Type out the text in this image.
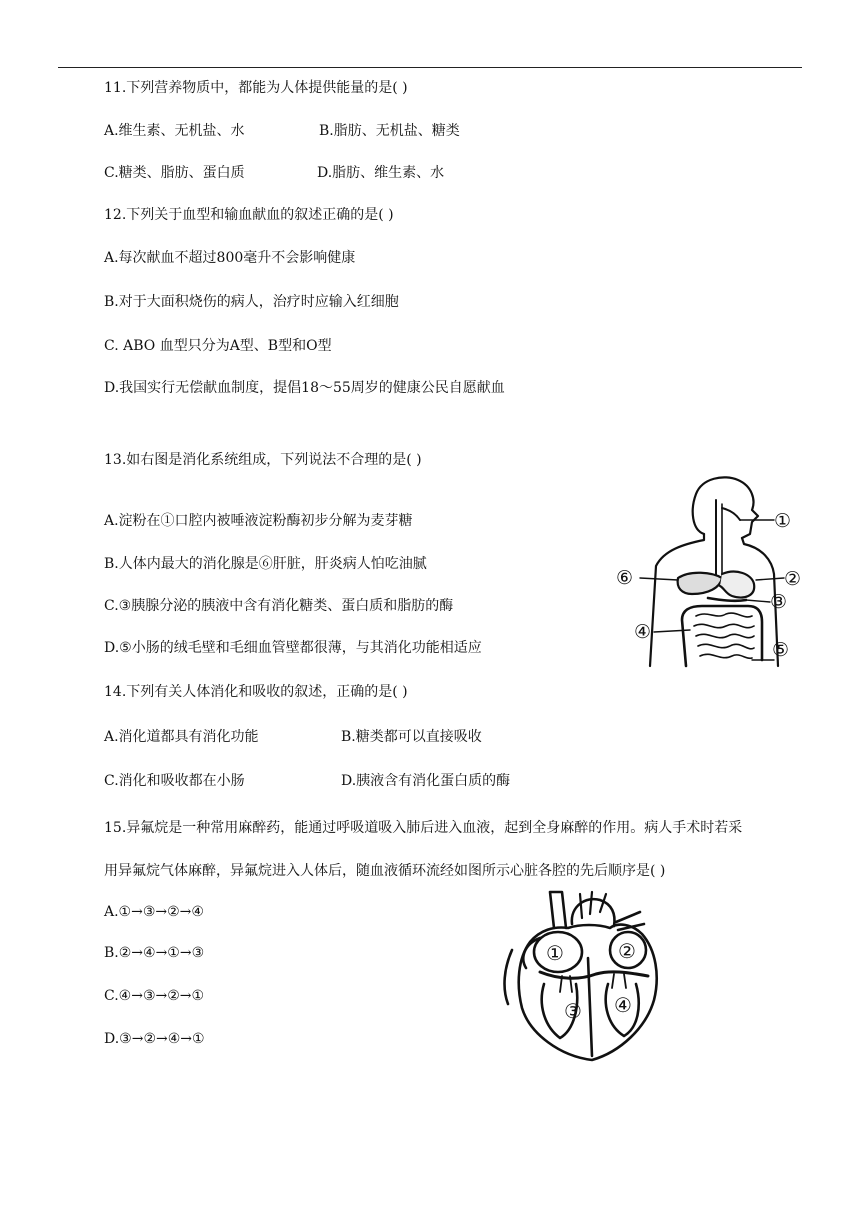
11.下列营养物质中，都能为人体提供能量的是( )
A.维生素、无机盐、水	B.脂肪、无机盐、糖类
C.糖类、脂肪、蛋白质	D.脂肪、维生素、水
12.下列关于血型和输血献血的叙述正确的是( )
A.每次献血不超过800毫升不会影响健康
B.对于大面积烧伤的病人，治疗时应输入红细胞
C. ABO 血型只分为A型、B型和O型
D.我国实行无偿献血制度，提倡18～55周岁的健康公民自愿献血
13.如右图是消化系统组成，下列说法不合理的是( )
A.淀粉在①口腔内被唾液淀粉酶初步分解为麦芽糖
B.人体内最大的消化腺是⑥肝脏，肝炎病人怕吃油腻
C.③胰腺分泌的胰液中含有消化糖类、蛋白质和脂肪的酶
D.⑤小肠的绒毛壁和毛细血管壁都很薄，与其消化功能相适应
①
②
③
④
⑤
⑥
14.下列有关人体消化和吸收的叙述，正确的是( )
A.消化道都具有消化功能	B.糖类都可以直接吸收
C.消化和吸收都在小肠	D.胰液含有消化蛋白质的酶
15.异氟烷是一种常用麻醉药，能通过呼吸道吸入肺后进入血液，起到全身麻醉的作用。病人手术时若采
用异氟烷气体麻醉，异氟烷进入人体后，随血液循环流经如图所示心脏各腔的先后顺序是( )
A.①→③→②→④
B.②→④→①→③
C.④→③→②→①
D.③→②→④→①
①	②
③ ④
